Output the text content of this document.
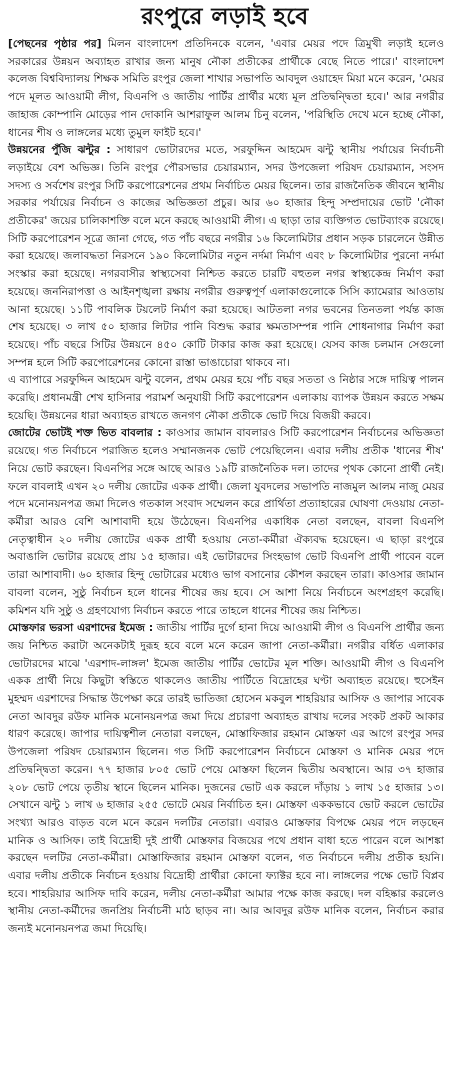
রংপুরে লড়াই হবে

[পেছনের পৃষ্ঠার পর] মিলন বাংলাদেশ প্রতিদিনকে বলেন, 'এবার মেয়র পদে ত্রিমুখী লড়াই হলেও সরকারের উন্নয়ন অব্যাহত রাখার জন্য মানুষ নৌকা প্রতীকের প্রার্থীকে বেছে নিতে পারে।' বাংলাদেশ কলেজ বিশ্ববিদ্যালয় শিক্ষক সমিতি রংপুর জেলা শাখার সভাপতি আবদুল ওয়াহেদ মিয়া মনে করেন, 'মেয়র পদে মূলত আওয়ামী লীগ, বিএনপি ও জাতীয় পার্টির প্রার্থীর মধ্যে মূল প্রতিদ্বন্দ্বিতা হবে।' আর নগরীর জাহাজ কোম্পানি মোড়ের পান দোকানি আশরাফুল আলম চিনু বলেন, 'পরিস্থিতি দেখে মনে হচ্ছে নৌকা, ধানের শীষ ও লাঙ্গলের মধ্যে তুমুল ফাইট হবে।'

উন্নয়নের পুঁজি ঝন্টুর : সাধারণ ভোটারদের মতে, সরফুদ্দিন আহমেদ ঝন্টু স্থানীয় পর্যায়ের নির্বাচনী লড়াইয়ে বেশ অভিজ্ঞ। তিনি রংপুর পৌরসভার চেয়ারম্যান, সদর উপজেলা পরিষদ চেয়ারম্যান, সংসদ সদস্য ও সর্বশেষ রংপুর সিটি করপোরেশনের প্রথম নির্বাচিত মেয়র ছিলেন। তার রাজনৈতিক জীবনে স্থানীয় সরকার পর্যায়ের নির্বাচন ও কাজের অভিজ্ঞতা প্রচুর। আর ৬০ হাজার হিন্দু সম্প্রদায়ের ভোট 'নৌকা প্রতীকের' জয়ের চালিকাশক্তি বলে মনে করছে আওয়ামী লীগ। এ ছাড়া তার ব্যক্তিগত ভোটব্যাংক রয়েছে। সিটি করপোরেশন সূত্রে জানা গেছে, গত পাঁচ বছরে নগরীর ১৬ কিলোমিটার প্রধান সড়ক চারলেনে উন্নীত করা হয়েছে। জলাবদ্ধতা নিরসনে ১৯০ কিলোমিটার নতুন নর্দমা নির্মাণ এবং ৮ কিলোমিটার পুরনো নর্দমা সংস্কার করা হয়েছে। নগরবাসীর স্বাস্থ্যসেবা নিশ্চিত করতে চারটি বহুতল নগর স্বাস্থ্যকেন্দ্র নির্মাণ করা হয়েছে। জননিরাপত্তা ও আইনশৃঙ্খলা রক্ষায় নগরীর গুরুত্বপূর্ণ এলাকাগুলোকে সিসি ক্যামেরার আওতায় আনা হয়েছে। ১১টি পাবলিক টয়লেট নির্মাণ করা হয়েছে। আটতলা নগর ভবনের তিনতলা পর্যন্ত কাজ শেষ হয়েছে। ৩ লাখ ৫০ হাজার লিটার পানি বিশুদ্ধ করার ক্ষমতাসম্পন্ন পানি শোধনাগার নির্মাণ করা হয়েছে। পাঁচ বছরে সিটির উন্নয়নে ৪৫০ কোটি টাকার কাজ করা হয়েছে। যেসব কাজ চলমান সেগুলো সম্পন্ন হলে সিটি করপোরেশনের কোনো রাস্তা ভাঙাচোরা থাকবে না।

এ ব্যাপারে সরফুদ্দিন আহমেদ ঝন্টু বলেন, প্রথম মেয়র হয়ে পাঁচ বছর সততা ও নিষ্ঠার সঙ্গে দায়িত্ব পালন করেছি। প্রধানমন্ত্রী শেখ হাসিনার পরামর্শ অনুযায়ী সিটি করপোরেশন এলাকায় ব্যাপক উন্নয়ন করতে সক্ষম হয়েছি। উন্নয়নের ধারা অব্যাহত রাখতে জনগণ নৌকা প্রতীকে ভোট দিয়ে বিজয়ী করবে।

জোটের ভোটই শক্ত ভিত বাবলার : কাওসার জামান বাবলারও সিটি করপোরেশন নির্বাচনের অভিজ্ঞতা রয়েছে। গত নির্বাচনে পরাজিত হলেও সম্মানজনক ভোট পেয়েছিলেন। এবার দলীয় প্রতীক 'ধানের শীষ' নিয়ে ভোট করছেন। বিএনপির সঙ্গে আছে আরও ১৯টি রাজনৈতিক দল। তাদের পৃথক কোনো প্রার্থী নেই। ফলে বাবলাই এখন ২০ দলীয় জোটের একক প্রার্থী। জেলা যুবদলের সভাপতি নাজমুল আলম নাজু মেয়র পদে মনোনয়নপত্র জমা দিলেও গতকাল সংবাদ সম্মেলন করে প্রার্থিতা প্রত্যাহারের ঘোষণা দেওয়ায় নেতা-কর্মীরা আরও বেশি আশাবাদী হয়ে উঠেছেন। বিএনপির একাধিক নেতা বলছেন, বাবলা বিএনপি নেতৃত্বাধীন ২০ দলীয় জোটের একক প্রার্থী হওয়ায় নেতা-কর্মীরা ঐক্যবদ্ধ হয়েছেন। এ ছাড়া রংপুরে অবাঙালি ভোটার রয়েছে প্রায় ১৫ হাজার। এই ভোটারদের সিংহভাগ ভোট বিএনপি প্রার্থী পাবেন বলে তারা আশাবাদী। ৬০ হাজার হিন্দু ভোটারের মধ্যেও ভাগ বসানোর কৌশল করছেন তারা। কাওসার জামান বাবলা বলেন, সুষ্ঠু নির্বাচন হলে ধানের শীষের জয় হবে। সে আশা নিয়ে নির্বাচনে অংশগ্রহণ করেছি। কমিশন যদি সুষ্ঠু ও গ্রহণযোগ্য নির্বাচন করতে পারে তাহলে ধানের শীষের জয় নিশ্চিত।

মোস্তফার ভরসা এরশাদের ইমেজ : জাতীয় পার্টির দুর্গে হানা দিয়ে আওয়ামী লীগ ও বিএনপি প্রার্থীর জন্য জয় নিশ্চিত করাটা অনেকটাই দুরূহ হবে বলে মনে করেন জাপা নেতা-কর্মীরা। নগরীর বর্ধিত এলাকার ভোটারদের মাঝে 'এরশাদ-লাঙ্গল' ইমেজ জাতীয় পার্টির ভোটের মূল শক্তি। আওয়ামী লীগ ও বিএনপি একক প্রার্থী নিয়ে কিছুটা স্বস্তিতে থাকলেও জাতীয় পার্টিতে বিদ্রোহের ঘণ্টা অব্যাহত রয়েছে। হুসেইন মুহম্মদ এরশাদের সিদ্ধান্ত উপেক্ষা করে তারই ভাতিজা হোসেন মকবুল শাহরিয়ার আসিফ ও জাপার সাবেক নেতা আবদুর রউফ মানিক মনোনয়নপত্র জমা দিয়ে প্রচারণা অব্যাহত রাখায় দলের সংকট প্রকট আকার ধারণ করেছে। জাপার দায়িত্বশীল নেতারা বলছেন, মোস্তাফিজার রহমান মোস্তফা এর আগে রংপুর সদর উপজেলা পরিষদ চেয়ারম্যান ছিলেন। গত সিটি করপোরেশন নির্বাচনে মোস্তফা ও মানিক মেয়র পদে প্রতিদ্বন্দ্বিতা করেন। ৭৭ হাজার ৮০৫ ভোট পেয়ে মোস্তফা ছিলেন দ্বিতীয় অবস্থানে। আর ৩৭ হাজার ২০৮ ভোট পেয়ে তৃতীয় স্থানে ছিলেন মানিক। দুজনের ভোট এক করলে দাঁড়ায় ১ লাখ ১৫ হাজার ১৩। সেখানে ঝন্টু ১ লাখ ৬ হাজার ২৫৫ ভোটে মেয়র নির্বাচিত হন। মোস্তফা এককভাবে ভোট করলে ভোটের সংখ্যা আরও বাড়ত বলে মনে করেন দলটির নেতারা। এবারও মোস্তফার বিপক্ষে মেয়র পদে লড়ছেন মানিক ও আসিফ। তাই বিদ্রোহী দুই প্রার্থী মোস্তফার বিজয়ের পথে প্রধান বাধা হতে পারেন বলে আশঙ্কা করছেন দলটির নেতা-কর্মীরা। মোস্তাফিজার রহমান মোস্তফা বলেন, গত নির্বাচনে দলীয় প্রতীক হয়নি। এবার দলীয় প্রতীকে নির্বাচন হওয়ায় বিদ্রোহী প্রার্থীরা কোনো ফ্যাক্টর হবে না। লাঙ্গলের পক্ষে ভোট বিপ্লব হবে। শাহরিয়ার আসিফ দাবি করেন, দলীয় নেতা-কর্মীরা আমার পক্ষে কাজ করছে। দল বহিষ্কার করলেও স্থানীয় নেতা-কর্মীদের জনপ্রিয় নির্বাচনী মাঠ ছাড়ব না। আর আবদুর রউফ মানিক বলেন, নির্বাচন করার জন্যই মনোনয়নপত্র জমা দিয়েছি।
